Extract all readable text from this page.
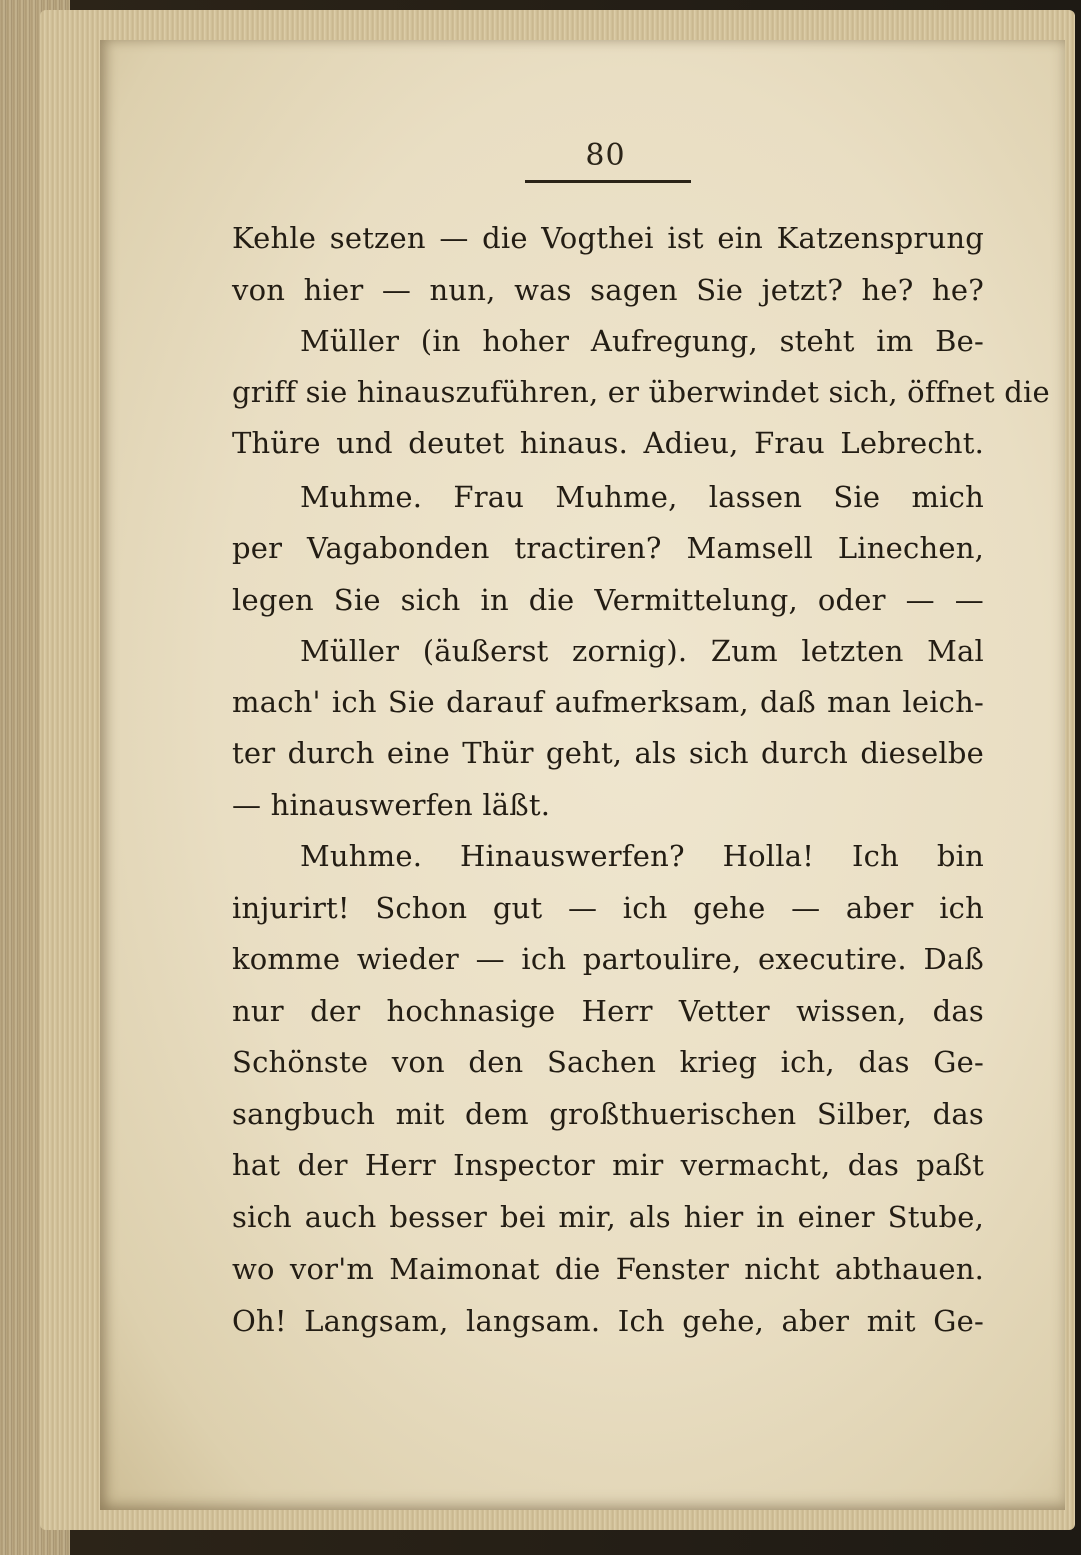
80
Kehle setzen — die Vogthei ist ein Katzensprung
von hier — nun, was sagen Sie jetzt? he? he?
Müller (in hoher Aufregung, steht im Be-
griff sie hinauszuführen, er überwindet sich, öffnet die
Thüre und deutet hinaus. Adieu, Frau Lebrecht.
Muhme. Frau Muhme, lassen Sie mich
per Vagabonden tractiren? Mamsell Linechen,
legen Sie sich in die Vermittelung, oder — —
Müller (äußerst zornig). Zum letzten Mal
mach' ich Sie darauf aufmerksam, daß man leich-
ter durch eine Thür geht, als sich durch dieselbe
— hinauswerfen läßt.
Muhme. Hinauswerfen? Holla! Ich bin
injurirt! Schon gut — ich gehe — aber ich
komme wieder — ich partoulire, executire. Daß
nur der hochnasige Herr Vetter wissen, das
Schönste von den Sachen krieg ich, das Ge-
sangbuch mit dem großthuerischen Silber, das
hat der Herr Inspector mir vermacht, das paßt
sich auch besser bei mir, als hier in einer Stube,
wo vor'm Maimonat die Fenster nicht abthauen.
Oh! Langsam, langsam. Ich gehe, aber mit Ge-
